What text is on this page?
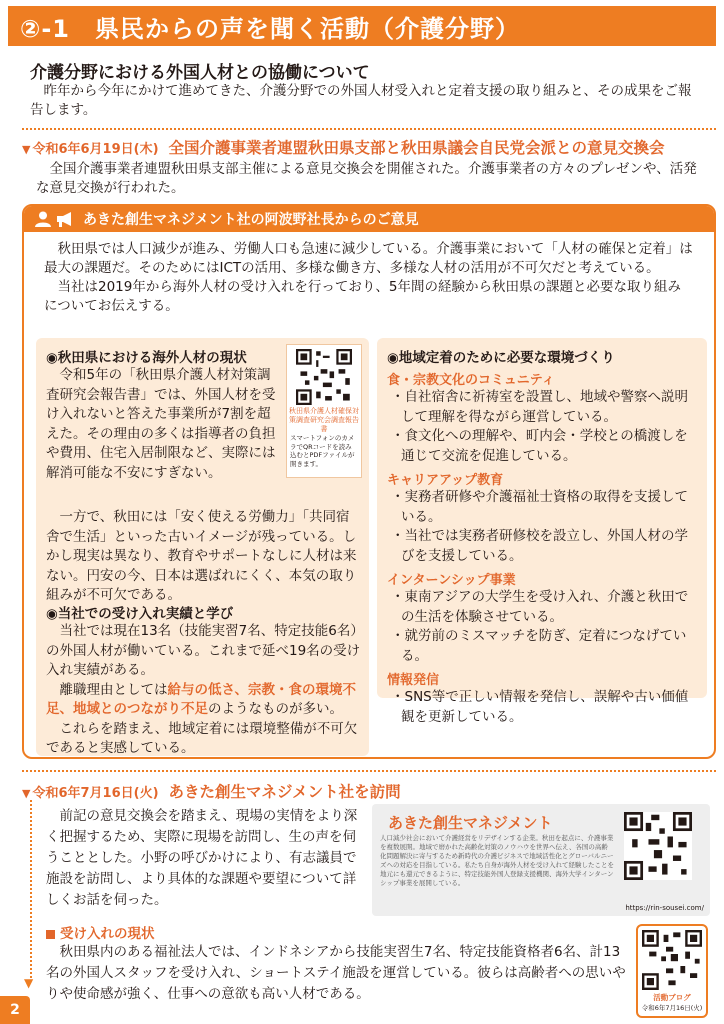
②-1　県民からの声を聞く活動（介護分野）
介護分野における外国人材との協働について
昨年から今年にかけて進めてきた、介護分野での外国人材受入れと定着支援の取り組みと、その成果をご報告します。
▼ 令和6年6月19日(木) 全国介護事業者連盟秋田県支部と秋田県議会自民党会派との意見交換会
全国介護事業者連盟秋田県支部主催による意見交換会を開催された。介護事業者の方々のプレゼンや、活発な意見交換が行われた。
あきた創生マネジメント社の阿波野社長からのご意見

秋田県では人口減少が進み、労働人口も急速に減少している。介護事業において「人材の確保と定着」は最大の課題だ。そのためにはICTの活用、多様な働き方、多様な人材の活用が不可欠だと考えている。

当社は2019年から海外人材の受け入れを行っており、5年間の経験から秋田県の課題と必要な取り組みについてお伝えする。

◉秋田県における海外人材の現状

令和5年の「秋田県介護人材対策調査研究会報告書」では、外国人材を受け入れないと答えた事業所が7割を超えた。その理由の多くは指導者の負担や費用、住宅入居制限など、実際には解消可能な不安にすぎない。

一方で、秋田には「安く使える労働力」「共同宿舎で生活」といった古いイメージが残っている。しかし現実は異なり、教育やサポートなしに人材は来ない。円安の今、日本は選ばれにくく、本気の取り組みが不可欠である。

秋田県介護人材確保対策調査研究会調査報告書
スマートフォンのカメラでQRコードを読み込むとPDFファイルが開きます。
◉当社での受け入れ実績と学び

当社では現在13名（技能実習7名、特定技能6名）の外国人材が働いている。これまで延べ19名の受け入れ実績がある。

離職理由としては給与の低さ、宗教・食の環境不足、地域とのつながり不足のようなものが多い。

これらを踏まえ、地域定着には環境整備が不可欠であると実感している。

◉地域定着のために必要な環境づくり
食・宗教文化のコミュニティ
・自社宿舎に祈祷室を設置し、地域や警察へ説明して理解を得ながら運営している。
・食文化への理解や、町内会・学校との橋渡しを通じて交流を促進している。
キャリアアップ教育
・実務者研修や介護福祉士資格の取得を支援している。
・当社では実務者研修校を設立し、外国人材の学びを支援している。
インターンシップ事業
・東南アジアの大学生を受け入れ、介護と秋田での生活を体験させている。
・就労前のミスマッチを防ぎ、定着につなげている。
情報発信
・SNS等で正しい情報を発信し、誤解や古い価値観を更新している。
▼ 令和6年7月16日(火) あきた創生マネジメント社を訪問
▼
前記の意見交換会を踏まえ、現場の実情をより深く把握するため、実際に現場を訪問し、生の声を伺うこととした。小野の呼びかけにより、有志議員で施設を訪問し、より具体的な課題や要望について詳しくお話を伺った。
あきた創生マネジメント
人口減少社会において介護経営をリデザインする企業。秋田を起点に、介護事業を複数展開。地域で磨かれた高齢化対策のノウハウを世界へ伝え、各国の高齢化問題解決に寄与するため新時代の介護ビジネスで地域活性化とグローバルニーズへの対応を目指している。私たち自身が海外人材を受け入れて経験したことを地元にも還元できるように、特定技能外国人登録支援機関、海外大学インターンシップ事業を展開している。
https://rin-sousei.com/
受け入れの現状
秋田県内のある福祉法人では、インドネシアから技能実習生7名、特定技能資格者6名、計13名の外国人スタッフを受け入れ、ショートステイ施設を運営している。彼らは高齢者への思いやりや使命感が強く、仕事への意欲も高い人材である。	活動ブログ
令和6年7月16日(火)
2
